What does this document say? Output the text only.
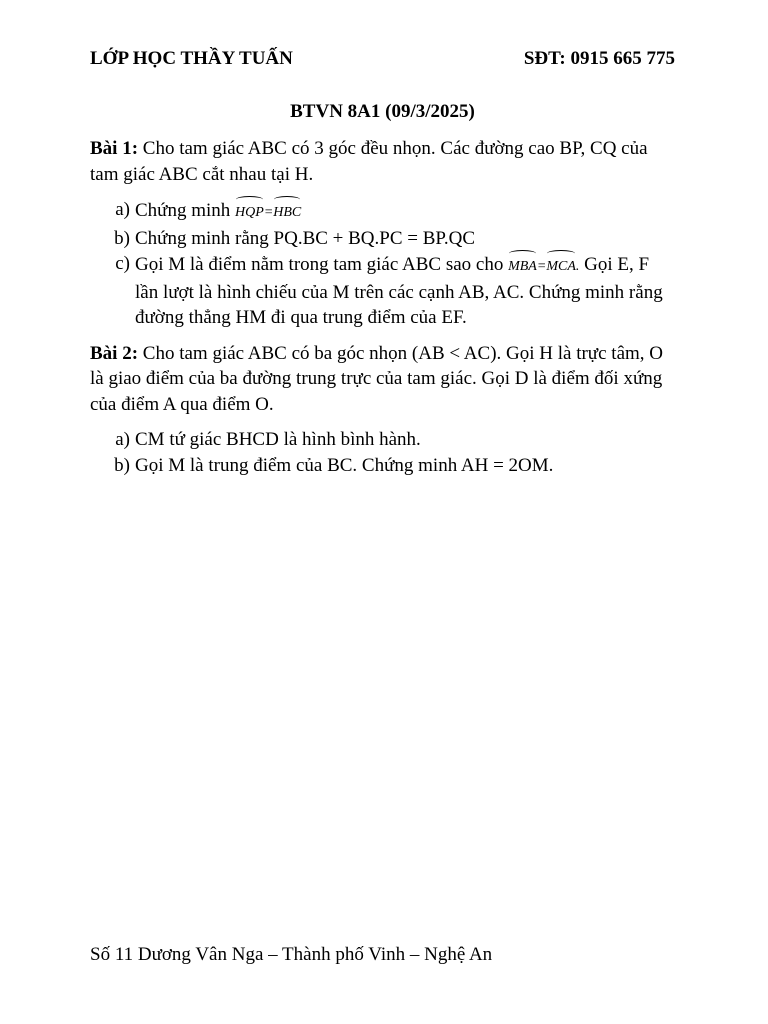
LỚP HỌC THẦY TUẤN	SĐT: 0915 665 775
BTVN 8A1 (09/3/2025)

Bài 1: Cho tam giác ABC có 3 góc đều nhọn. Các đường cao BP, CQ của tam giác ABC cắt nhau tại H.

a) Chứng minh HQP=HBC
b) Chứng minh rằng PQ.BC + BQ.PC = BP.QC
c) Gọi M là điểm nằm trong tam giác ABC sao cho MBA=MCA. Gọi E, F lần lượt là hình chiếu của M trên các cạnh AB, AC. Chứng minh rằng đường thẳng HM đi qua trung điểm của EF.

Bài 2: Cho tam giác ABC có ba góc nhọn (AB < AC). Gọi H là trực tâm, O là giao điểm của ba đường trung trực của tam giác. Gọi D là điểm đối xứng của điểm A qua điểm O.

a) CM tứ giác BHCD là hình bình hành.
b) Gọi M là trung điểm của BC. Chứng minh AH = 2OM.
Số 11 Dương Vân Nga – Thành phố Vinh – Nghệ An
